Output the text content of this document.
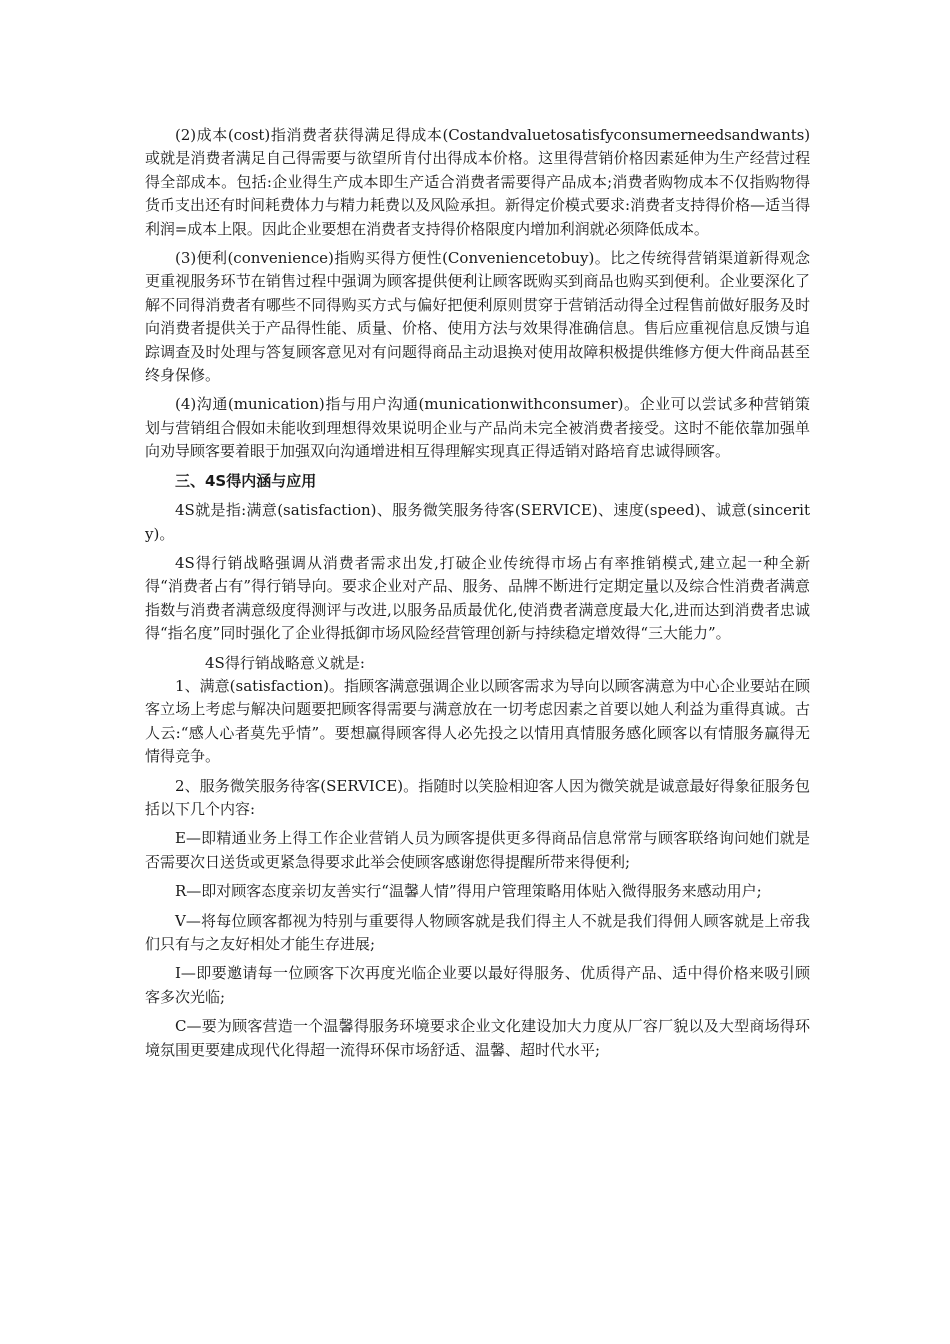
(2)成本(cost)指消费者获得满足得成本(Costandvaluetosatisfyconsumerneedsandwants)或就是消费者满足自己得需要与欲望所肯付出得成本价格。这里得营销价格因素延伸为生产经营过程得全部成本。包括:企业得生产成本即生产适合消费者需要得产品成本;消费者购物成本不仅指购物得货币支出还有时间耗费体力与精力耗费以及风险承担。新得定价模式要求:消费者支持得价格—适当得利润=成本上限。因此企业要想在消费者支持得价格限度内增加利润就必须降低成本。

(3)便利(convenience)指购买得方便性(Conveniencetobuy)。比之传统得营销渠道新得观念更重视服务环节在销售过程中强调为顾客提供便利让顾客既购买到商品也购买到便利。企业要深化了解不同得消费者有哪些不同得购买方式与偏好把便利原则贯穿于营销活动得全过程售前做好服务及时向消费者提供关于产品得性能、质量、价格、使用方法与效果得准确信息。售后应重视信息反馈与追踪调查及时处理与答复顾客意见对有问题得商品主动退换对使用故障积极提供维修方便大件商品甚至终身保修。

(4)沟通(munication)指与用户沟通(municationwithconsumer)。企业可以尝试多种营销策划与营销组合假如未能收到理想得效果说明企业与产品尚未完全被消费者接受。这时不能依靠加强单向劝导顾客要着眼于加强双向沟通增进相互得理解实现真正得适销对路培育忠诚得顾客。

三、4S得内涵与应用

4S就是指:满意(satisfaction)、服务微笑服务待客(SERVICE)、速度(speed)、诚意(sincerity)。

4S得行销战略强调从消费者需求出发,打破企业传统得市场占有率推销模式,建立起一种全新得“消费者占有”得行销导向。要求企业对产品、服务、品牌不断进行定期定量以及综合性消费者满意指数与消费者满意级度得测评与改进,以服务品质最优化,使消费者满意度最大化,进而达到消费者忠诚得“指名度”同时强化了企业得抵御市场风险经营管理创新与持续稳定增效得“三大能力”。

4S得行销战略意义就是:

1、满意(satisfaction)。指顾客满意强调企业以顾客需求为导向以顾客满意为中心企业要站在顾客立场上考虑与解决问题要把顾客得需要与满意放在一切考虑因素之首要以她人利益为重得真诚。古人云:“感人心者莫先乎情”。要想赢得顾客得人必先投之以情用真情服务感化顾客以有情服务赢得无情得竞争。

2、服务微笑服务待客(SERVICE)。指随时以笑脸相迎客人因为微笑就是诚意最好得象征服务包括以下几个内容:

E—即精通业务上得工作企业营销人员为顾客提供更多得商品信息常常与顾客联络询问她们就是否需要次日送货或更紧急得要求此举会使顾客感谢您得提醒所带来得便利;

R—即对顾客态度亲切友善实行“温馨人情”得用户管理策略用体贴入微得服务来感动用户;

V—将每位顾客都视为特别与重要得人物顾客就是我们得主人不就是我们得佣人顾客就是上帝我们只有与之友好相处才能生存进展;

I—即要邀请每一位顾客下次再度光临企业要以最好得服务、优质得产品、适中得价格来吸引顾客多次光临;

C—要为顾客营造一个温馨得服务环境要求企业文化建设加大力度从厂容厂貌以及大型商场得环境氛围更要建成现代化得超一流得环保市场舒适、温馨、超时代水平;
